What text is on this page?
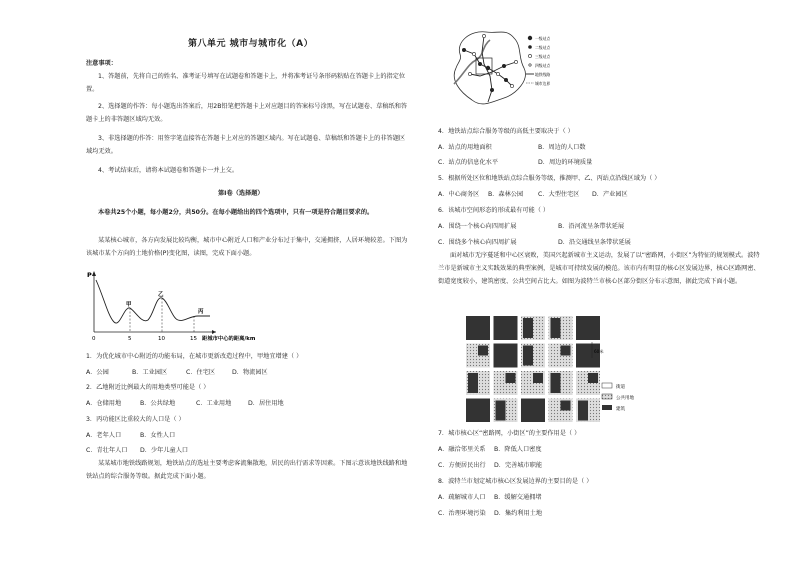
第八单元 城市与城市化（A）
注意事项：
1、答题前，先将自己的姓名、准考证号填写在试题卷和答题卡上，并将准考证号条形码粘贴在答题卡上的指定位置。
2、选择题的作答：每小题选出答案后，用2B铅笔把答题卡上对应题目的答案标号涂黑，写在试题卷、草稿纸和答题卡上的非答题区域均无效。
3、非选择题的作答：用签字笔直接答在答题卡上对应的答题区域内。写在试题卷、草稿纸和答题卡上的非答题区域均无效。
4、考试结束后，请将本试题卷和答题卡一并上交。
第Ⅰ卷（选择题）
本卷共25个小题，每小题2分，共50分。在每小题给出的四个选项中，只有一项是符合题目要求的。
某某核心城市，各方向发展比较均衡，城市中心附近人口和产业分布过于集中，交通拥挤，人居环境较差。下图为该城市某个方向的土地价格(P)变化图，读图，完成下面小题。
P
甲
乙
丙
0	5	10	15 距城市中心的距离/km
1．为优化城市中心附近的功能布局，在城市更新改造过程中，甲地宜增建（ ）
A．公园	B．工业园区	C．住宅区	D．物流园区
2．乙地附近比例最大的用地类型可能是（ ）
A．仓储用地	B．公共绿地	C．工业用地	D．居住用地
3．丙功能区比重较大的人口是（ ）
A．老年人口	B．女性人口
C．青壮年人口 D．少年儿童人口
某某城市地铁线路规划，地铁站点的选址主要考虑客流集散地，居民的出行需求等因素。下图示意该地铁线路和地铁站点的综合服务等级。据此完成下面小题。
一级站点
二级站点
三级站点
四级站点
地铁线路
城市边界
4．地铁站点综合服务等级的高低主要取决于（ ）
A．站点的用地面积	B．周边的人口数
C．站点的信息化水平	D．周边的环境质量
5．根据所处区位和地铁站点综合服务等级，推测甲、乙、丙站点沿线区域为（ ）
A．中心商务区 B．森林公园 C．大型住宅区 D．产业园区
6．该城市空间形态的形成最有可能（ ）
A．围绕一个核心向四周扩展	B．沿河流呈条带状延展
C．围绕多个核心向四周扩展	D．沿交通线呈条带状延展
面对城市无序蔓延和中心区衰败，美国兴起新城市主义运动，发展了以“密路网，小街区”为特征的规划模式。波特兰市是新城市主义实践效果的典型案例，是城市可持续发展的模范。该市内有明显的核心区发展边界，核心区路网密、街道宽度较小，建筑密度、公共空间占比大。如图为波特兰市核心区部分街区分布示意图，据此完成下面小题。
街道
公共用地
建筑
60米
7．城市核心区“密路网，小街区”的主要作用是（ ）
A．融洽邻里关系 B．降低人口密度
C．方便居民出行 D．完善城市职能
8．波特兰市划定城市核心区发展边界的主要目的是（ ）
A．疏解城市人口 B．缓解交通拥堵
C．治理环境污染 D．集约利用土地
